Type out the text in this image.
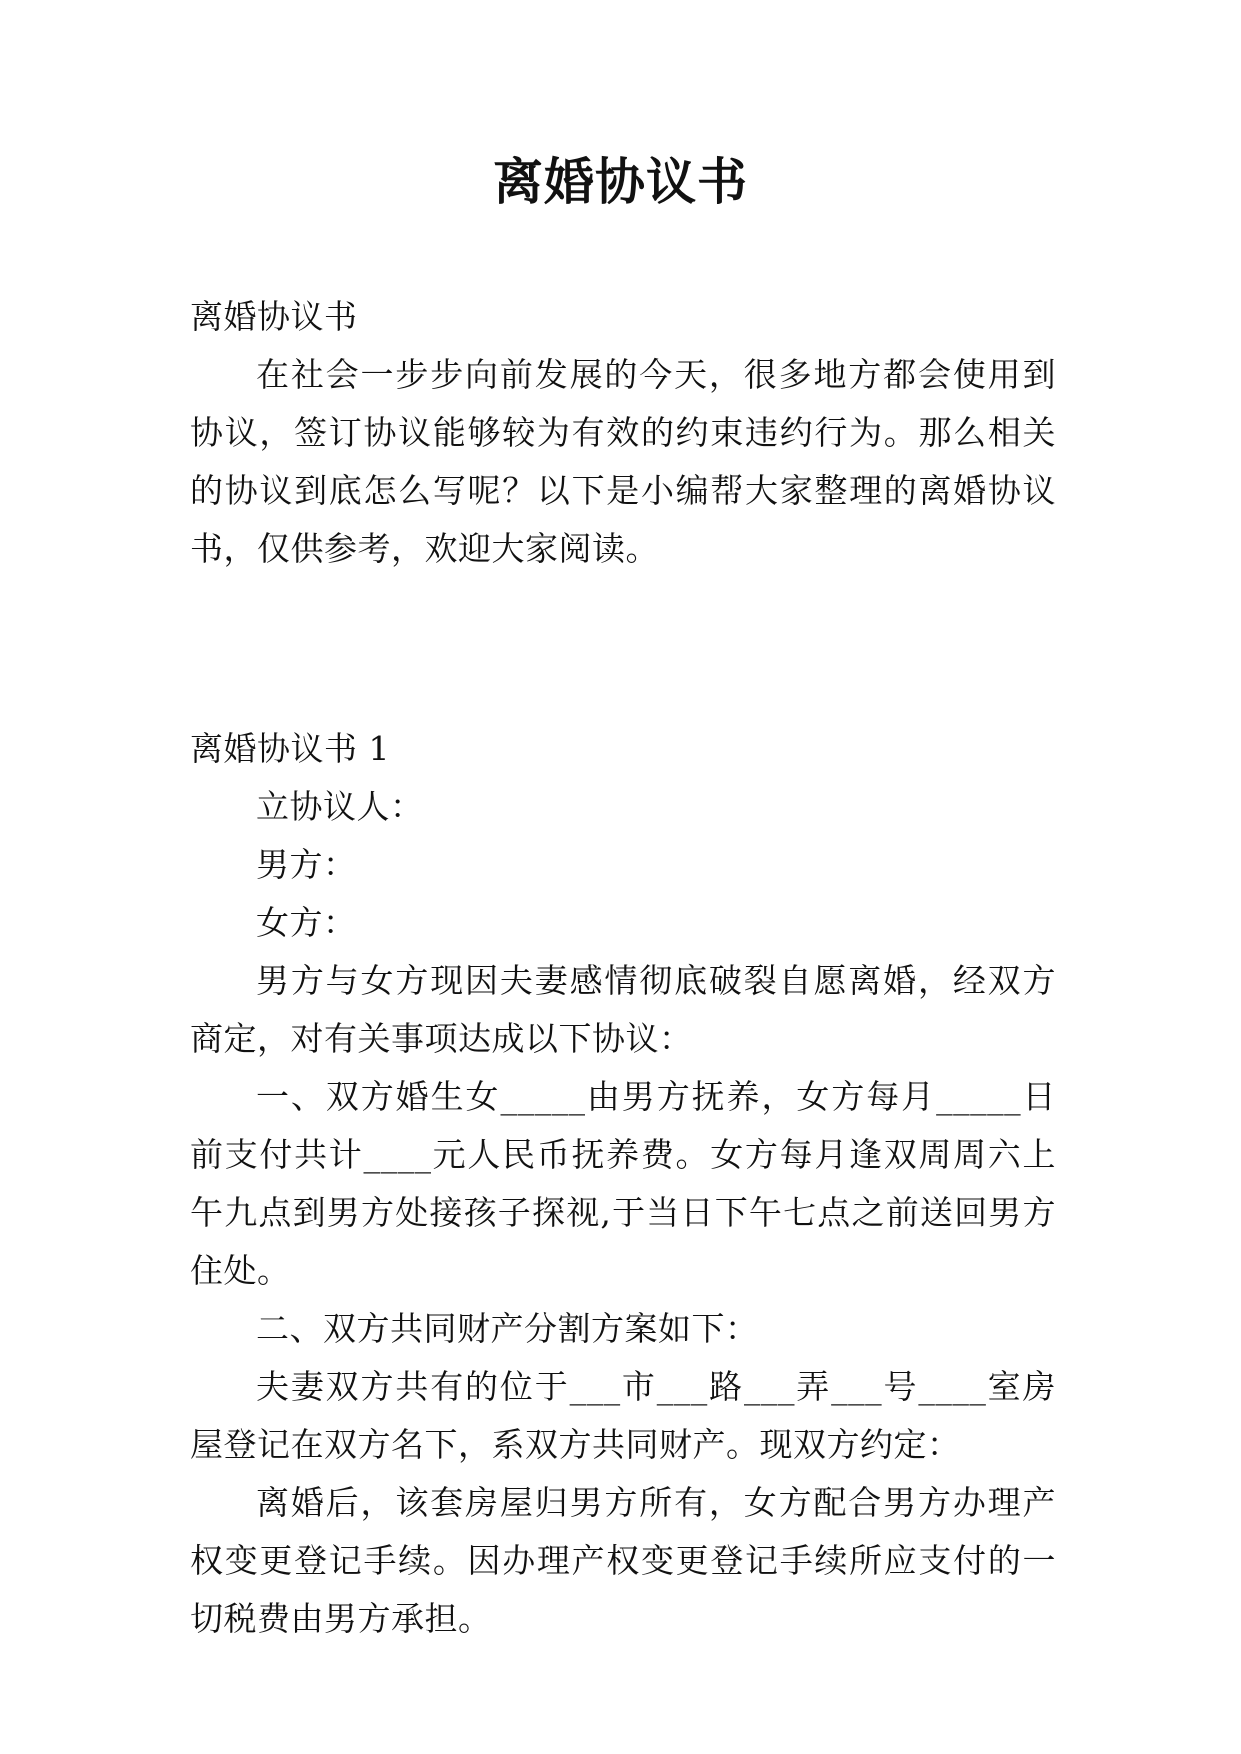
离婚协议书

离婚协议书

在社会一步步向前发展的今天，很多地方都会使用到协议，签订协议能够较为有效的约束违约行为。那么相关的协议到底怎么写呢？以下是小编帮大家整理的离婚协议书，仅供参考，欢迎大家阅读。

离婚协议书 1

立协议人：

男方：

女方：

男方与女方现因夫妻感情彻底破裂自愿离婚，经双方商定，对有关事项达成以下协议：

一、双方婚生女_____由男方抚养，女方每月_____日前支付共计____元人民币抚养费。女方每月逢双周周六上午九点到男方处接孩子探视,于当日下午七点之前送回男方住处。

二、双方共同财产分割方案如下：

夫妻双方共有的位于___市___路___弄___号____室房屋登记在双方名下，系双方共同财产。现双方约定：

离婚后，该套房屋归男方所有，女方配合男方办理产权变更登记手续。因办理产权变更登记手续所应支付的一切税费由男方承担。
